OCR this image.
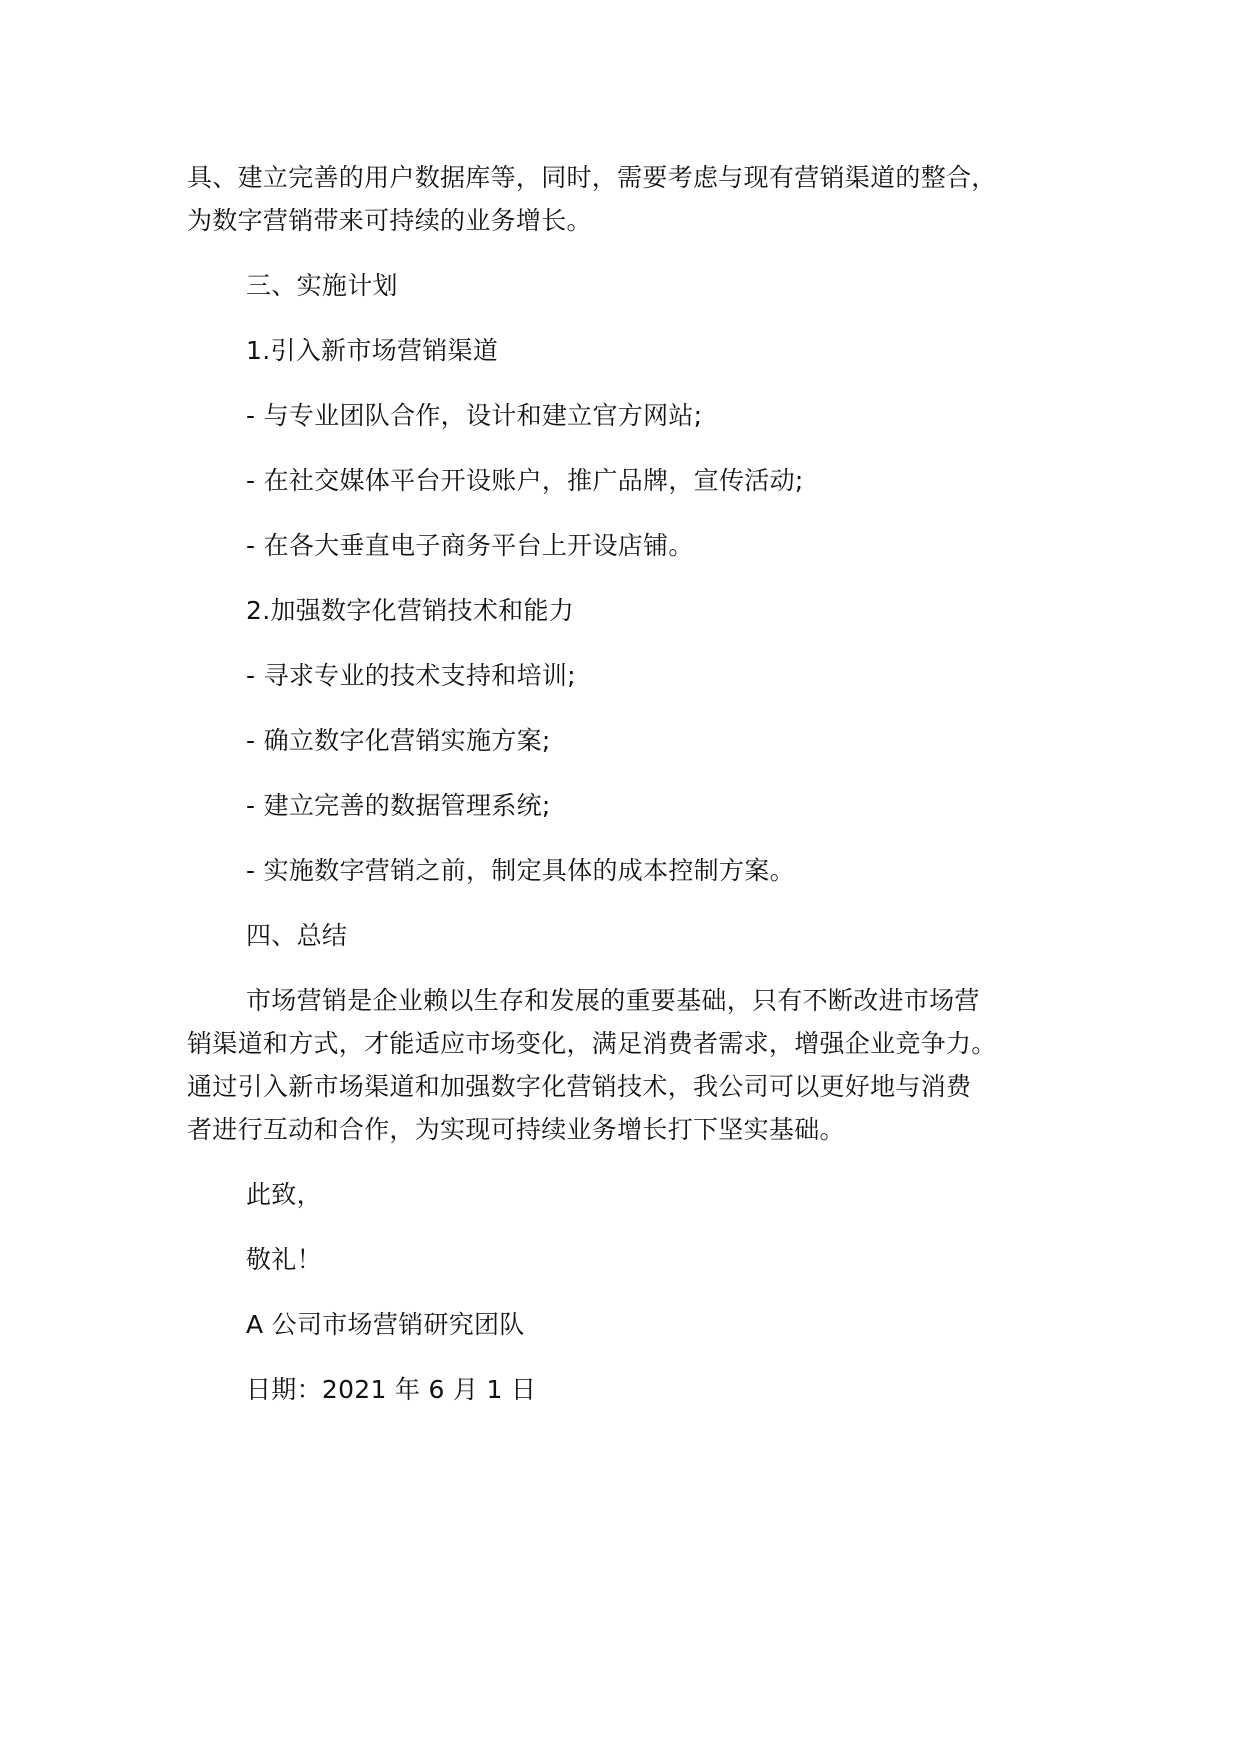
具、建立完善的用户数据库等，同时，需要考虑与现有营销渠道的整合，
为数字营销带来可持续的业务增长。

三、实施计划

1.引入新市场营销渠道

- 与专业团队合作，设计和建立官方网站;

- 在社交媒体平台开设账户，推广品牌，宣传活动;

- 在各大垂直电子商务平台上开设店铺。

2.加强数字化营销技术和能力

- 寻求专业的技术支持和培训;

- 确立数字化营销实施方案;

- 建立完善的数据管理系统;

- 实施数字营销之前，制定具体的成本控制方案。

四、总结

市场营销是企业赖以生存和发展的重要基础，只有不断改进市场营
销渠道和方式，才能适应市场变化，满足消费者需求，增强企业竞争力。
通过引入新市场渠道和加强数字化营销技术，我公司可以更好地与消费
者进行互动和合作，为实现可持续业务增长打下坚实基础。

此致，

敬礼！

A 公司市场营销研究团队

日期：2021 年 6 月 1 日
